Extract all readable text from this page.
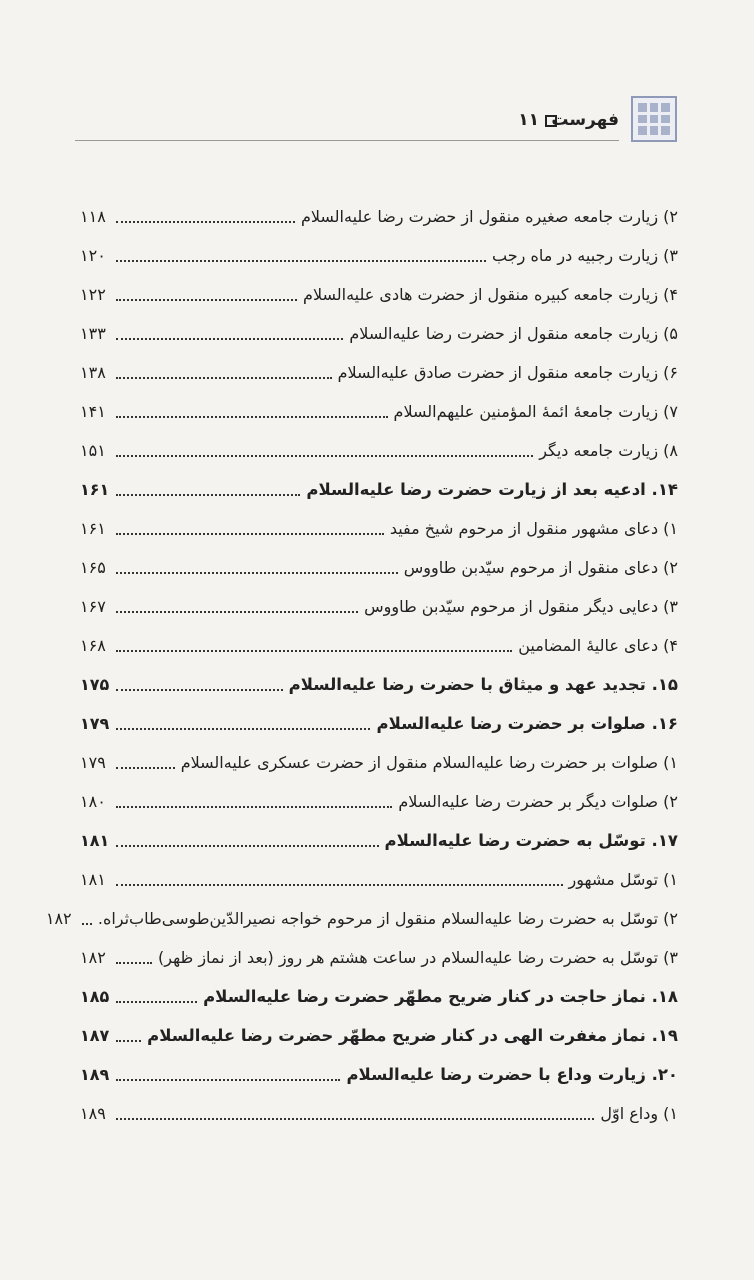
فهرست
۱۱
۲) زیارت جامعه صغیره منقول از حضرت رضا علیه‌السلام
۱۱۸
۳) زیارت رجبیه در ماه رجب
۱۲۰
۴) زیارت جامعه کبیره منقول از حضرت هادی علیه‌السلام
۱۲۲
۵) زیارت جامعه منقول از حضرت رضا علیه‌السلام
۱۳۳
۶) زیارت جامعه منقول از حضرت صادق علیه‌السلام
۱۳۸
۷) زیارت جامعهٔ ائمهٔ المؤمنین علیهم‌السلام
۱۴۱
۸) زیارت جامعه دیگر
۱۵۱
۱۴. ادعیه بعد از زیارت حضرت رضا علیه‌السلام
۱۶۱
۱) دعای مشهور منقول از مرحوم شیخ مفید
۱۶۱
۲) دعای منقول از مرحوم سیّدبن طاووس
۱۶۵
۳) دعایی دیگر منقول از مرحوم سیّدبن طاووس
۱۶۷
۴) دعای عالیهٔ المضامین
۱۶۸
۱۵. تجدید عهد و میثاق با حضرت رضا علیه‌السلام
۱۷۵
۱۶. صلوات بر حضرت رضا علیه‌السلام
۱۷۹
۱) صلوات بر حضرت رضا علیه‌السلام منقول از حضرت عسکری علیه‌السلام
۱۷۹
۲) صلوات دیگر بر حضرت رضا علیه‌السلام
۱۸۰
۱۷. توسّل به حضرت رضا علیه‌السلام
۱۸۱
۱) توسّل مشهور
۱۸۱
۲) توسّل به حضرت رضا علیه‌السلام منقول از مرحوم خواجه نصیرالدّین‌طوسی‌طاب‌ثراه.
۱۸۲
۳) توسّل به حضرت رضا علیه‌السلام در ساعت هشتم هر روز (بعد از نماز ظهر)
۱۸۲
۱۸. نماز حاجت در کنار ضریح مطهّر حضرت رضا علیه‌السلام
۱۸۵
۱۹. نماز مغفرت الهی در کنار ضریح مطهّر حضرت رضا علیه‌السلام
۱۸۷
۲۰. زیارت وداع با حضرت رضا علیه‌السلام
۱۸۹
۱) وداع اوّل
۱۸۹
